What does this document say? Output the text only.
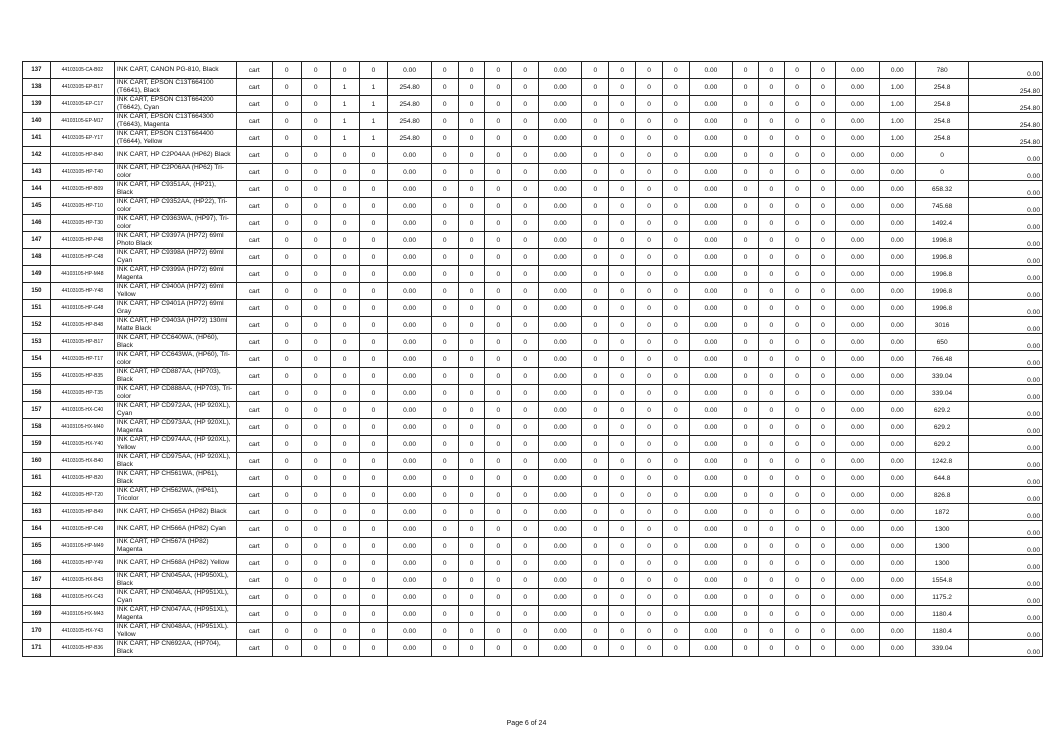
137	44103105-CA-B02	INK CART, CANON PG-810, Black	cart	0	0	0	0	0.00	0	0	0	0	0.00	0	0	0	0	0.00	0	0	0	0	0.00	0.00	780	0.00
138	44103105-EP-B17	INK CART, EPSON C13T664100 (T6641), Black	cart	0	0	1	1	254.80	0	0	0	0	0.00	0	0	0	0	0.00	0	0	0	0	0.00	1.00	254.8	254.80
139	44103105-EP-C17	INK CART, EPSON C13T664200 (T6642), Cyan	cart	0	0	1	1	254.80	0	0	0	0	0.00	0	0	0	0	0.00	0	0	0	0	0.00	1.00	254.8	254.80
140	44103105-EP-M17	INK CART, EPSON C13T664300 (T6643), Magenta	cart	0	0	1	1	254.80	0	0	0	0	0.00	0	0	0	0	0.00	0	0	0	0	0.00	1.00	254.8	254.80
141	44103105-EP-Y17	INK CART, EPSON C13T664400 (T6644), Yellow	cart	0	0	1	1	254.80	0	0	0	0	0.00	0	0	0	0	0.00	0	0	0	0	0.00	1.00	254.8	254.80
142	44103105-HP-B40	INK CART, HP C2P04AA (HP62) Black	cart	0	0	0	0	0.00	0	0	0	0	0.00	0	0	0	0	0.00	0	0	0	0	0.00	0.00	0	0.00
143	44103105-HP-T40	INK CART, HP C2P06AA (HP62) Tri-color	cart	0	0	0	0	0.00	0	0	0	0	0.00	0	0	0	0	0.00	0	0	0	0	0.00	0.00	0	0.00
144	44103105-HP-B09	INK CART, HP C9351AA, (HP21), Black	cart	0	0	0	0	0.00	0	0	0	0	0.00	0	0	0	0	0.00	0	0	0	0	0.00	0.00	658.32	0.00
145	44103105-HP-T10	INK CART, HP C9352AA, (HP22), Tri-color	cart	0	0	0	0	0.00	0	0	0	0	0.00	0	0	0	0	0.00	0	0	0	0	0.00	0.00	745.68	0.00
146	44103105-HP-T30	INK CART, HP C9363WA, (HP97), Tri-color	cart	0	0	0	0	0.00	0	0	0	0	0.00	0	0	0	0	0.00	0	0	0	0	0.00	0.00	1492.4	0.00
147	44103105-HP-P48	INK CART, HP C9397A (HP72) 69ml Photo Black	cart	0	0	0	0	0.00	0	0	0	0	0.00	0	0	0	0	0.00	0	0	0	0	0.00	0.00	1996.8	0.00
148	44103105-HP-C48	INK CART, HP C9398A (HP72) 69ml Cyan	cart	0	0	0	0	0.00	0	0	0	0	0.00	0	0	0	0	0.00	0	0	0	0	0.00	0.00	1996.8	0.00
149	44103105-HP-M48	INK CART, HP C9399A (HP72) 69ml Magenta	cart	0	0	0	0	0.00	0	0	0	0	0.00	0	0	0	0	0.00	0	0	0	0	0.00	0.00	1996.8	0.00
150	44103105-HP-Y48	INK CART, HP C9400A (HP72) 69ml Yellow	cart	0	0	0	0	0.00	0	0	0	0	0.00	0	0	0	0	0.00	0	0	0	0	0.00	0.00	1996.8	0.00
151	44103105-HP-G48	INK CART, HP C9401A (HP72) 69ml Gray	cart	0	0	0	0	0.00	0	0	0	0	0.00	0	0	0	0	0.00	0	0	0	0	0.00	0.00	1996.8	0.00
152	44103105-HP-B48	INK CART, HP C9403A (HP72) 130ml Matte Black	cart	0	0	0	0	0.00	0	0	0	0	0.00	0	0	0	0	0.00	0	0	0	0	0.00	0.00	3016	0.00
153	44103105-HP-B17	INK CART, HP CC640WA, (HP60), Black	cart	0	0	0	0	0.00	0	0	0	0	0.00	0	0	0	0	0.00	0	0	0	0	0.00	0.00	650	0.00
154	44103105-HP-T17	INK CART, HP CC643WA, (HP60), Tri-color	cart	0	0	0	0	0.00	0	0	0	0	0.00	0	0	0	0	0.00	0	0	0	0	0.00	0.00	766.48	0.00
155	44103105-HP-B35	INK CART, HP CD887AA, (HP703), Black	cart	0	0	0	0	0.00	0	0	0	0	0.00	0	0	0	0	0.00	0	0	0	0	0.00	0.00	339.04	0.00
156	44103105-HP-T35	INK CART, HP CD888AA, (HP703), Tri-color	cart	0	0	0	0	0.00	0	0	0	0	0.00	0	0	0	0	0.00	0	0	0	0	0.00	0.00	339.04	0.00
157	44103105-HX-C40	INK CART, HP CD972AA, (HP 920XL), Cyan	cart	0	0	0	0	0.00	0	0	0	0	0.00	0	0	0	0	0.00	0	0	0	0	0.00	0.00	629.2	0.00
158	44103105-HX-M40	INK CART, HP CD973AA, (HP 920XL), Magenta	cart	0	0	0	0	0.00	0	0	0	0	0.00	0	0	0	0	0.00	0	0	0	0	0.00	0.00	629.2	0.00
159	44103105-HX-Y40	INK CART, HP CD974AA, (HP 920XL), Yellow	cart	0	0	0	0	0.00	0	0	0	0	0.00	0	0	0	0	0.00	0	0	0	0	0.00	0.00	629.2	0.00
160	44103105-HX-B40	INK CART, HP CD975AA, (HP 920XL), Black	cart	0	0	0	0	0.00	0	0	0	0	0.00	0	0	0	0	0.00	0	0	0	0	0.00	0.00	1242.8	0.00
161	44103105-HP-B20	INK CART, HP CH561WA, (HP61), Black	cart	0	0	0	0	0.00	0	0	0	0	0.00	0	0	0	0	0.00	0	0	0	0	0.00	0.00	644.8	0.00
162	44103105-HP-T20	INK CART, HP CH562WA, (HP61), Tricolor	cart	0	0	0	0	0.00	0	0	0	0	0.00	0	0	0	0	0.00	0	0	0	0	0.00	0.00	826.8	0.00
163	44103105-HP-B49	INK CART, HP CH565A (HP82) Black	cart	0	0	0	0	0.00	0	0	0	0	0.00	0	0	0	0	0.00	0	0	0	0	0.00	0.00	1872	0.00
164	44103105-HP-C49	INK CART, HP CH566A (HP82) Cyan	cart	0	0	0	0	0.00	0	0	0	0	0.00	0	0	0	0	0.00	0	0	0	0	0.00	0.00	1300	0.00
165	44103105-HP-M49	INK CART, HP CH567A (HP82) Magenta	cart	0	0	0	0	0.00	0	0	0	0	0.00	0	0	0	0	0.00	0	0	0	0	0.00	0.00	1300	0.00
166	44103105-HP-Y49	INK CART, HP CH568A (HP82) Yellow	cart	0	0	0	0	0.00	0	0	0	0	0.00	0	0	0	0	0.00	0	0	0	0	0.00	0.00	1300	0.00
167	44103105-HX-B43	INK CART, HP CN045AA, (HP950XL), Black	cart	0	0	0	0	0.00	0	0	0	0	0.00	0	0	0	0	0.00	0	0	0	0	0.00	0.00	1554.8	0.00
168	44103105-HX-C43	INK CART, HP CN046AA, (HP951XL), Cyan	cart	0	0	0	0	0.00	0	0	0	0	0.00	0	0	0	0	0.00	0	0	0	0	0.00	0.00	1175.2	0.00
169	44103105-HX-M43	INK CART, HP CN047AA, (HP951XL), Magenta	cart	0	0	0	0	0.00	0	0	0	0	0.00	0	0	0	0	0.00	0	0	0	0	0.00	0.00	1180.4	0.00
170	44103105-HX-Y43	INK CART, HP CN048AA, (HP951XL). Yellow	cart	0	0	0	0	0.00	0	0	0	0	0.00	0	0	0	0	0.00	0	0	0	0	0.00	0.00	1180.4	0.00
171	44103105-HP-B36	INK CART, HP CN692AA, (HP704), Black	cart	0	0	0	0	0.00	0	0	0	0	0.00	0	0	0	0	0.00	0	0	0	0	0.00	0.00	339.04	0.00
Page 6 of 24
